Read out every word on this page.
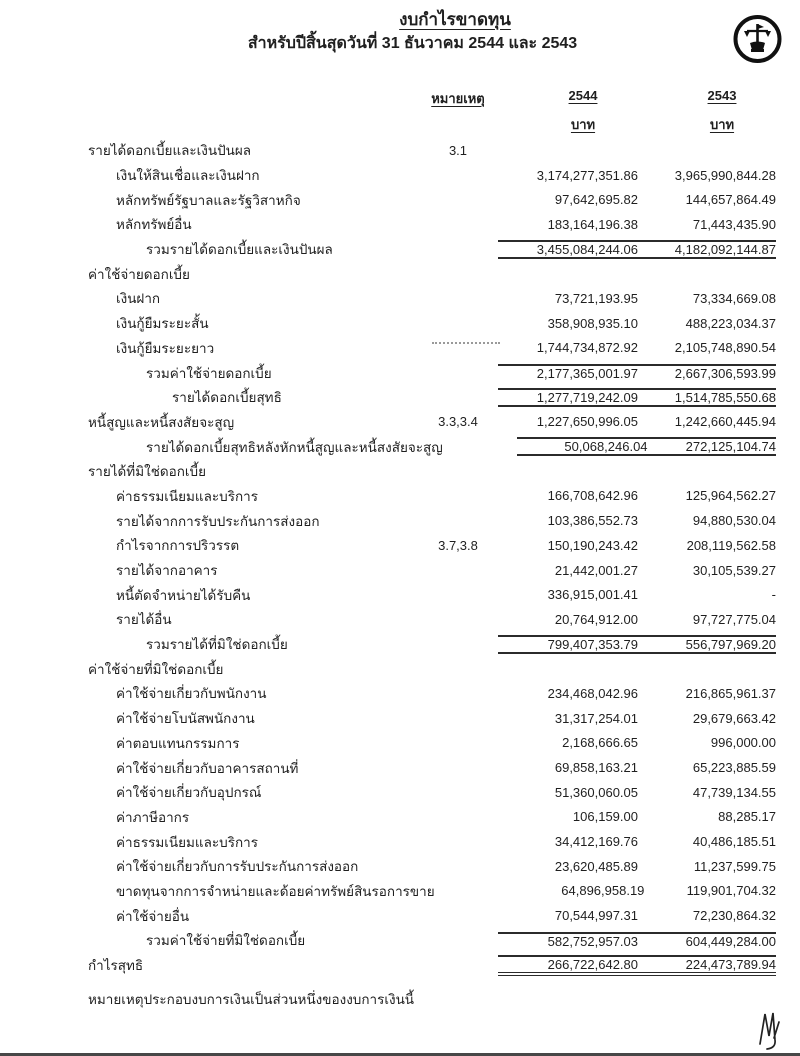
งบกำไรขาดทุน
สำหรับปีสิ้นสุดวันที่ 31 ธันวาคม 2544 และ 2543
หมายเหตุ	2544	2543
บาท	บาท
รายได้ดอกเบี้ยและเงินปันผล	3.1
เงินให้สินเชื่อและเงินฝาก	3,174,277,351.86	3,965,990,844.28
หลักทรัพย์รัฐบาลและรัฐวิสาหกิจ	97,642,695.82	144,657,864.49
หลักทรัพย์อื่น	183,164,196.38	71,443,435.90
รวมรายได้ดอกเบี้ยและเงินปันผล	3,455,084,244.06	4,182,092,144.87
ค่าใช้จ่ายดอกเบี้ย
เงินฝาก	73,721,193.95	73,334,669.08
เงินกู้ยืมระยะสั้น	358,908,935.10	488,223,034.37
เงินกู้ยืมระยะยาว	1,744,734,872.92	2,105,748,890.54
รวมค่าใช้จ่ายดอกเบี้ย	2,177,365,001.97	2,667,306,593.99
รายได้ดอกเบี้ยสุทธิ	1,277,719,242.09	1,514,785,550.68
หนี้สูญและหนี้สงสัยจะสูญ	3.3,3.4	1,227,650,996.05	1,242,660,445.94
รายได้ดอกเบี้ยสุทธิหลังหักหนี้สูญและหนี้สงสัยจะสูญ	50,068,246.04	272,125,104.74
รายได้ที่มิใช่ดอกเบี้ย
ค่าธรรมเนียมและบริการ	166,708,642.96	125,964,562.27
รายได้จากการรับประกันการส่งออก	103,386,552.73	94,880,530.04
กำไรจากการปริวรรต	3.7,3.8	150,190,243.42	208,119,562.58
รายได้จากอาคาร	21,442,001.27	30,105,539.27
หนี้ตัดจำหน่ายได้รับคืน	336,915,001.41	-
รายได้อื่น	20,764,912.00	97,727,775.04
รวมรายได้ที่มิใช่ดอกเบี้ย	799,407,353.79	556,797,969.20
ค่าใช้จ่ายที่มิใช่ดอกเบี้ย
ค่าใช้จ่ายเกี่ยวกับพนักงาน	234,468,042.96	216,865,961.37
ค่าใช้จ่ายโบนัสพนักงาน	31,317,254.01	29,679,663.42
ค่าตอบแทนกรรมการ	2,168,666.65	996,000.00
ค่าใช้จ่ายเกี่ยวกับอาคารสถานที่	69,858,163.21	65,223,885.59
ค่าใช้จ่ายเกี่ยวกับอุปกรณ์	51,360,060.05	47,739,134.55
ค่าภาษีอากร	106,159.00	88,285.17
ค่าธรรมเนียมและบริการ	34,412,169.76	40,486,185.51
ค่าใช้จ่ายเกี่ยวกับการรับประกันการส่งออก	23,620,485.89	11,237,599.75
ขาดทุนจากการจำหน่ายและด้อยค่าทรัพย์สินรอการขาย	64,896,958.19	119,901,704.32
ค่าใช้จ่ายอื่น	70,544,997.31	72,230,864.32
รวมค่าใช้จ่ายที่มิใช่ดอกเบี้ย	582,752,957.03	604,449,284.00
กำไรสุทธิ	266,722,642.80	224,473,789.94
หมายเหตุประกอบงบการเงินเป็นส่วนหนึ่งของงบการเงินนี้
